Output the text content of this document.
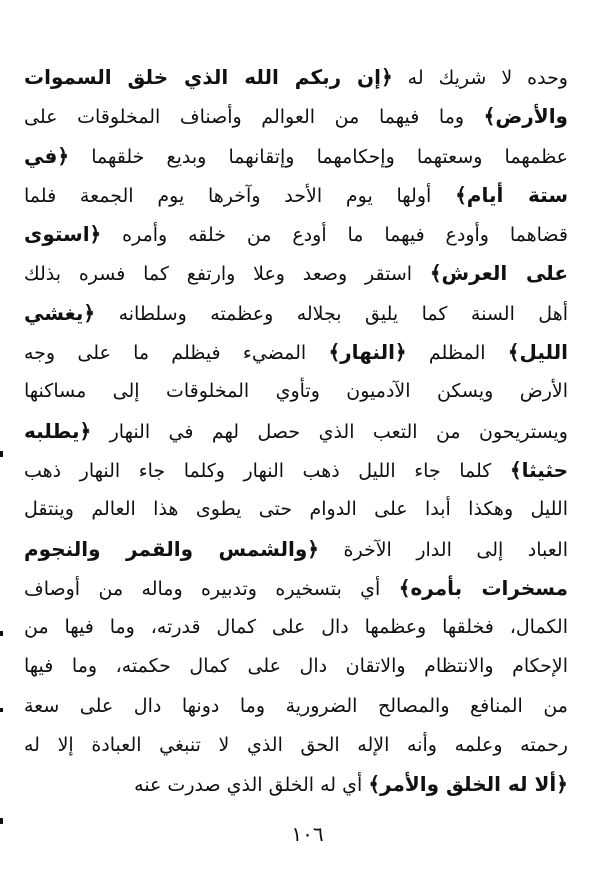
وحده لا شريك له ﴿إن ربكم الله الذي خلق السموات
والأرض﴾ وما فيهما من العوالم وأصناف المخلوقات على
عظمهما وسعتهما وإحكامهما وإتقانهما وبديع خلقهما ﴿في
ستة أيام﴾ أولها يوم الأحد وآخرها يوم الجمعة فلما
قضاهما وأودع فيهما ما أودع من خلقه وأمره ﴿استوى
على العرش﴾ استقر وصعد وعلا وارتفع كما فسره بذلك
أهل السنة كما يليق بجلاله وعظمته وسلطانه ﴿يغشي
الليل﴾ المظلم ﴿النهار﴾ المضيء فيظلم ما على وجه
الأرض ويسكن الآدميون وتأوي المخلوقات إلى مساكنها
ويستريحون من التعب الذي حصل لهم في النهار ﴿يطلبه
حثيثا﴾ كلما جاء الليل ذهب النهار وكلما جاء النهار ذهب
الليل وهكذا أبدا على الدوام حتى يطوى هذا العالم وينتقل
العباد إلى الدار الآخرة ﴿والشمس والقمر والنجوم
مسخرات بأمره﴾ أي بتسخيره وتدبيره وماله من أوصاف
الكمال، فخلقها وعظمها دال على كمال قدرته، وما فيها من
الإحكام والانتظام والاتقان دال على كمال حكمته، وما فيها
من المنافع والمصالح الضرورية وما دونها دال على سعة
رحمته وعلمه وأنه الإله الحق الذي لا تنبغي العبادة إلا له
﴿ألا له الخلق والأمر﴾ أي له الخلق الذي صدرت عنه
١٠٦
